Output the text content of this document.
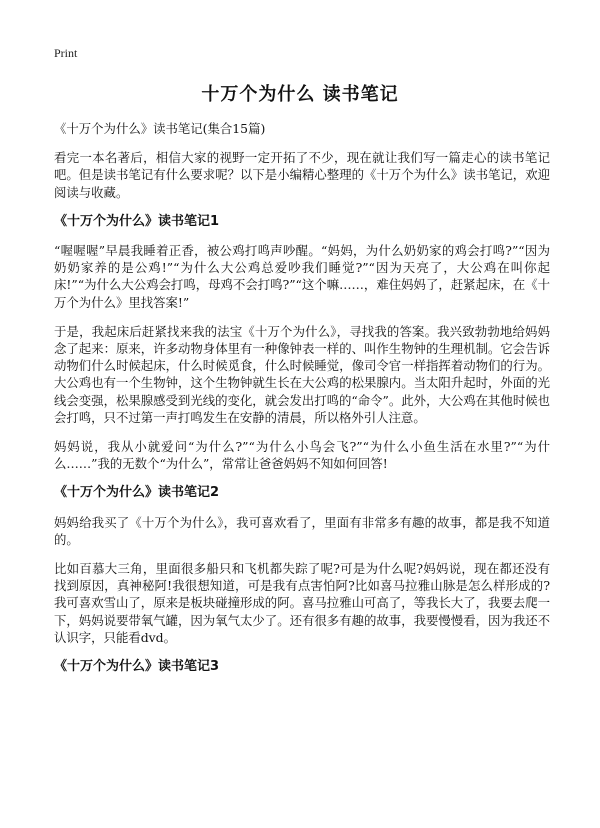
Print
十万个为什么 读书笔记

《十万个为什么》读书笔记(集合15篇)

看完一本名著后，相信大家的视野一定开拓了不少，现在就让我们写一篇走心的读书笔记吧。但是读书笔记有什么要求呢？以下是小编精心整理的《十万个为什么》读书笔记，欢迎阅读与收藏。

《十万个为什么》读书笔记1

“喔喔喔”早晨我睡着正香，被公鸡打鸣声吵醒。“妈妈，为什么奶奶家的鸡会打鸣?”“因为奶奶家养的是公鸡!”“为什么大公鸡总爱吵我们睡觉?”“因为天亮了，大公鸡在叫你起床!”“为什么大公鸡会打鸣，母鸡不会打鸣?”“这个嘛……，难住妈妈了，赶紧起床，在《十万个为什么》里找答案!”

于是，我起床后赶紧找来我的法宝《十万个为什么》，寻找我的答案。我兴致勃勃地给妈妈念了起来：原来，许多动物身体里有一种像钟表一样的、叫作生物钟的生理机制。它会告诉动物们什么时候起床，什么时候觅食，什么时候睡觉，像司令官一样指挥着动物们的行为。大公鸡也有一个生物钟，这个生物钟就生长在大公鸡的松果腺内。当太阳升起时，外面的光线会变强，松果腺感受到光线的变化，就会发出打鸣的“命令”。此外，大公鸡在其他时候也会打鸣，只不过第一声打鸣发生在安静的清晨，所以格外引人注意。

妈妈说，我从小就爱问“为什么?”“为什么小鸟会飞?”“为什么小鱼生活在水里?”“为什么……”我的无数个“为什么”，常常让爸爸妈妈不知如何回答!

《十万个为什么》读书笔记2

妈妈给我买了《十万个为什么》，我可喜欢看了，里面有非常多有趣的故事，都是我不知道的。

比如百慕大三角，里面很多船只和飞机都失踪了呢?可是为什么呢?妈妈说，现在都还没有找到原因，真神秘阿!我很想知道，可是我有点害怕阿?比如喜马拉雅山脉是怎么样形成的?我可喜欢雪山了，原来是板块碰撞形成的阿。喜马拉雅山可高了，等我长大了，我要去爬一下，妈妈说要带氧气罐，因为氧气太少了。还有很多有趣的故事，我要慢慢看，因为我还不认识字，只能看dvd。

《十万个为什么》读书笔记3
